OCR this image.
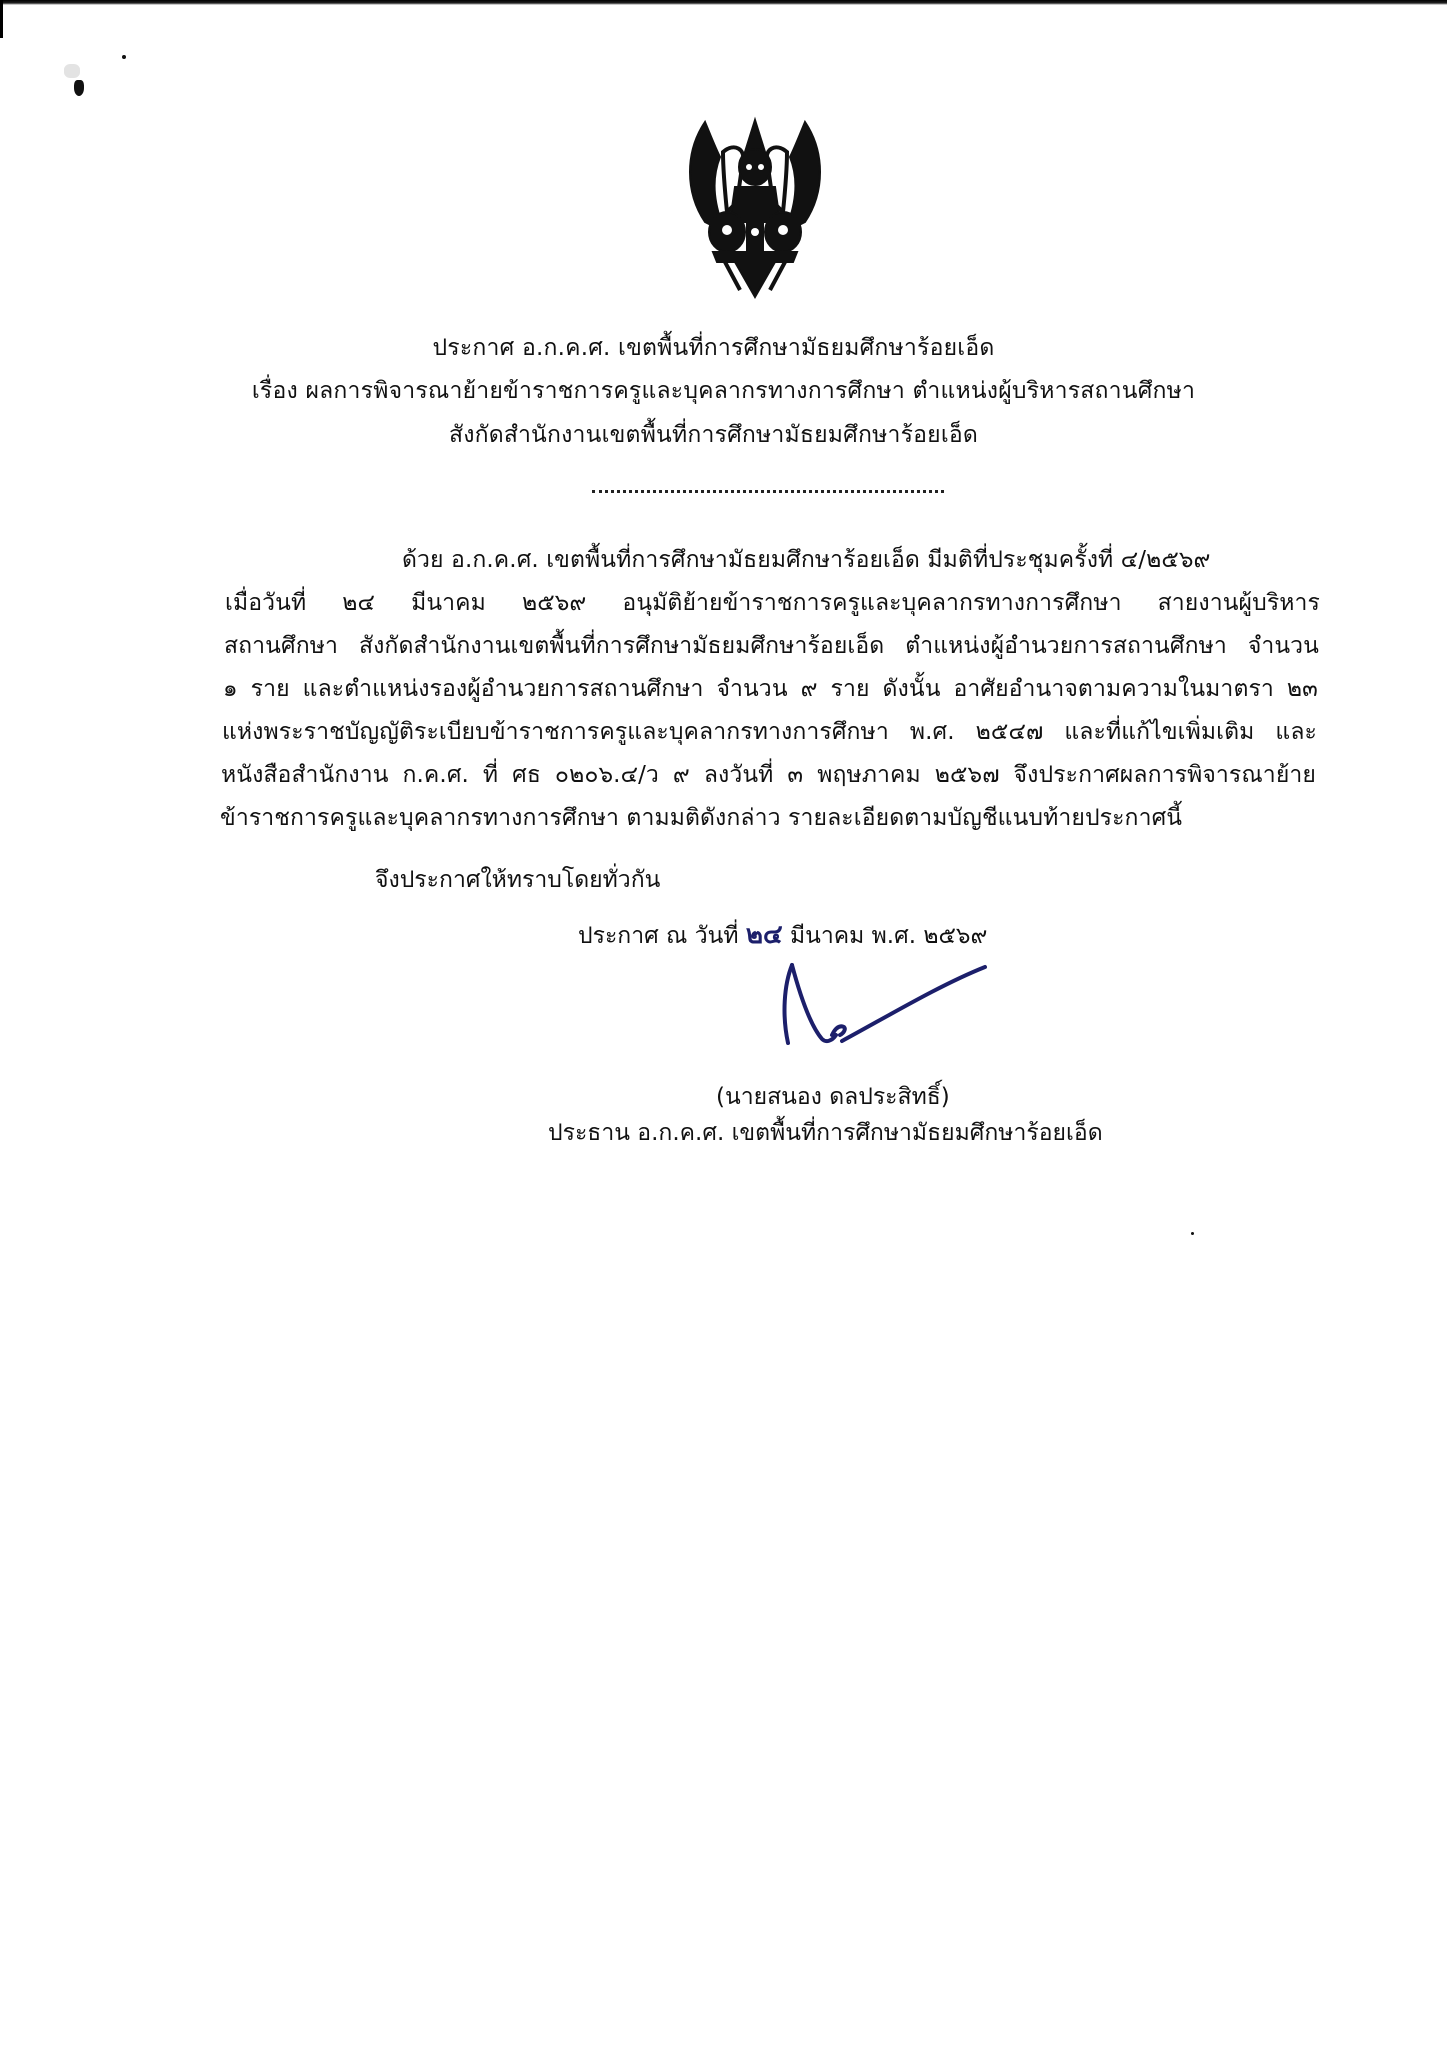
ประกาศ อ.ก.ค.ศ. เขตพื้นที่การศึกษามัธยมศึกษาร้อยเอ็ด
เรื่อง ผลการพิจารณาย้ายข้าราชการครูและบุคลากรทางการศึกษา ตำแหน่งผู้บริหารสถานศึกษา
สังกัดสำนักงานเขตพื้นที่การศึกษามัธยมศึกษาร้อยเอ็ด
ด้วย อ.ก.ค.ศ. เขตพื้นที่การศึกษามัธยมศึกษาร้อยเอ็ด มีมติที่ประชุมครั้งที่ ๔/๒๕๖๙
เมื่อวันที่ ๒๔ มีนาคม ๒๕๖๙ อนุมัติย้ายข้าราชการครูและบุคลากรทางการศึกษา สายงานผู้บริหาร
สถานศึกษา สังกัดสำนักงานเขตพื้นที่การศึกษามัธยมศึกษาร้อยเอ็ด ตำแหน่งผู้อำนวยการสถานศึกษา จำนวน
๑ ราย และตำแหน่งรองผู้อำนวยการสถานศึกษา จำนวน ๙ ราย ดังนั้น อาศัยอำนาจตามความในมาตรา ๒๓
แห่งพระราชบัญญัติระเบียบข้าราชการครูและบุคลากรทางการศึกษา พ.ศ. ๒๕๔๗ และที่แก้ไขเพิ่มเติม และ
หนังสือสำนักงาน ก.ค.ศ. ที่ ศธ ๐๒๐๖.๔/ว ๙ ลงวันที่ ๓ พฤษภาคม ๒๕๖๗ จึงประกาศผลการพิจารณาย้าย
ข้าราชการครูและบุคลากรทางการศึกษา ตามมติดังกล่าว รายละเอียดตามบัญชีแนบท้ายประกาศนี้
จึงประกาศให้ทราบโดยทั่วกัน
ประกาศ ณ วันที่ ๒๔ มีนาคม พ.ศ. ๒๕๖๙
(นายสนอง ดลประสิทธิ์)
ประธาน อ.ก.ค.ศ. เขตพื้นที่การศึกษามัธยมศึกษาร้อยเอ็ด
